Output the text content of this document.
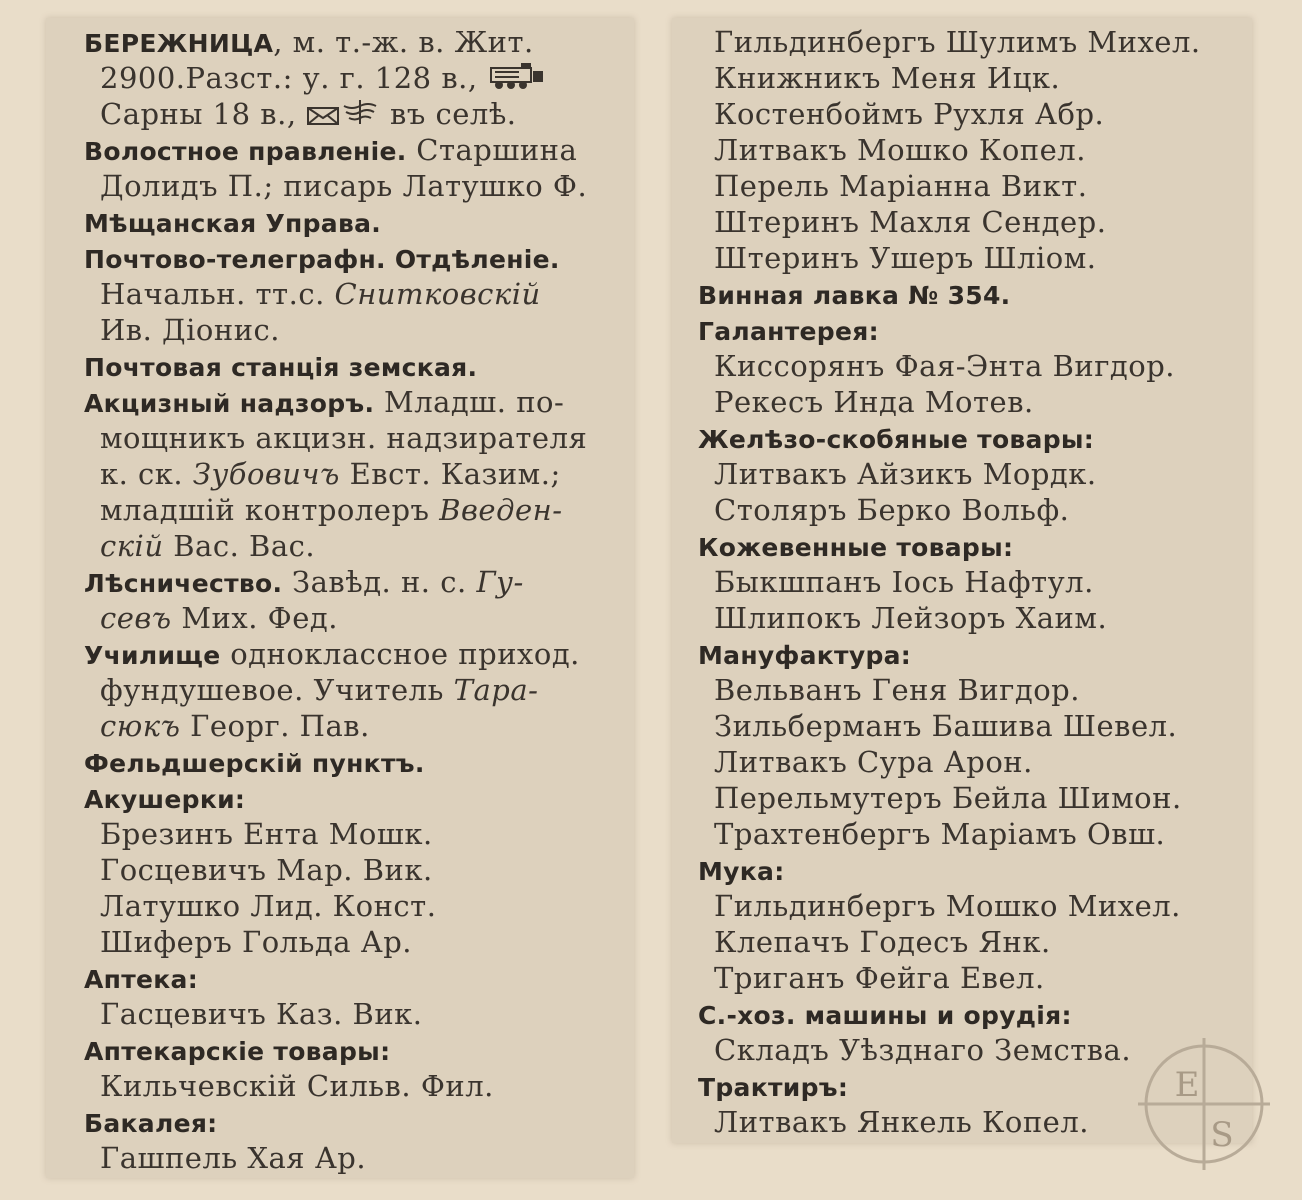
БЕРЕЖНИЦА, м. т.-ж. в. Жит.
2900.Разст.: у. г. 128 в.,
Сарны 18 в.,	въ селѣ.
Волостное правленіе. Старшина
Долидъ П.; писарь Латушко Ф.
Мѣщанская Управа.
Почтово-телеграфн. Отдѣленіе.
Начальн. тт.с. Снитковскій
Ив. Діонис.
Почтовая станція земская.
Акцизный надзоръ. Младш. по-
мощникъ акцизн. надзирателя
к. ск. Зубовичъ Евст. Казим.;
младшій контролеръ Введен-
скій Вас. Вас.
Лѣсничество. Завѣд. н. с. Гу-
севъ Мих. Фед.
Училище одноклассное приход.
фундушевое. Учитель Тара-
сюкъ Георг. Пав.
Фельдшерскій пунктъ.
Акушерки:
Брезинъ Ента Мошк.
Госцевичъ Мар. Вик.
Латушко Лид. Конст.
Шиферъ Гольда Ар.
Аптека:
Гасцевичъ Каз. Вик.
Аптекарскіе товары:
Кильчевскій Сильв. Фил.
Бакалея:
Гашпель Хая Ар.
Гильдинбергъ Шулимъ Михел.
Книжникъ Меня Ицк.
Костенбоймъ Рухля Абр.
Литвакъ Мошко Копел.
Перель Маріанна Викт.
Штеринъ Махля Сендер.
Штеринъ Ушеръ Шліом.
Винная лавка № 354.
Галантерея:
Киссорянъ Фая-Энта Вигдор.
Рекесъ Инда Мотев.
Желѣзо-скобяные товары:
Литвакъ Айзикъ Мордк.
Столяръ Берко Вольф.
Кожевенные товары:
Быкшпанъ Іось Нафтул.
Шлипокъ Лейзоръ Хаим.
Мануфактура:
Вельванъ Геня Вигдор.
Зильберманъ Башива Шевел.
Литвакъ Сура Арон.
Перельмутеръ Бейла Шимон.
Трахтенбергъ Маріамъ Овш.
Мука:
Гильдинбергъ Мошко Михел.
Клепачъ Годесъ Янк.
Триганъ Фейга Евел.
С.-хоз. машины и орудія:
Складъ Уѣзднаго Земства.
Трактиръ:
Литвакъ Янкель Копел.
E
S
